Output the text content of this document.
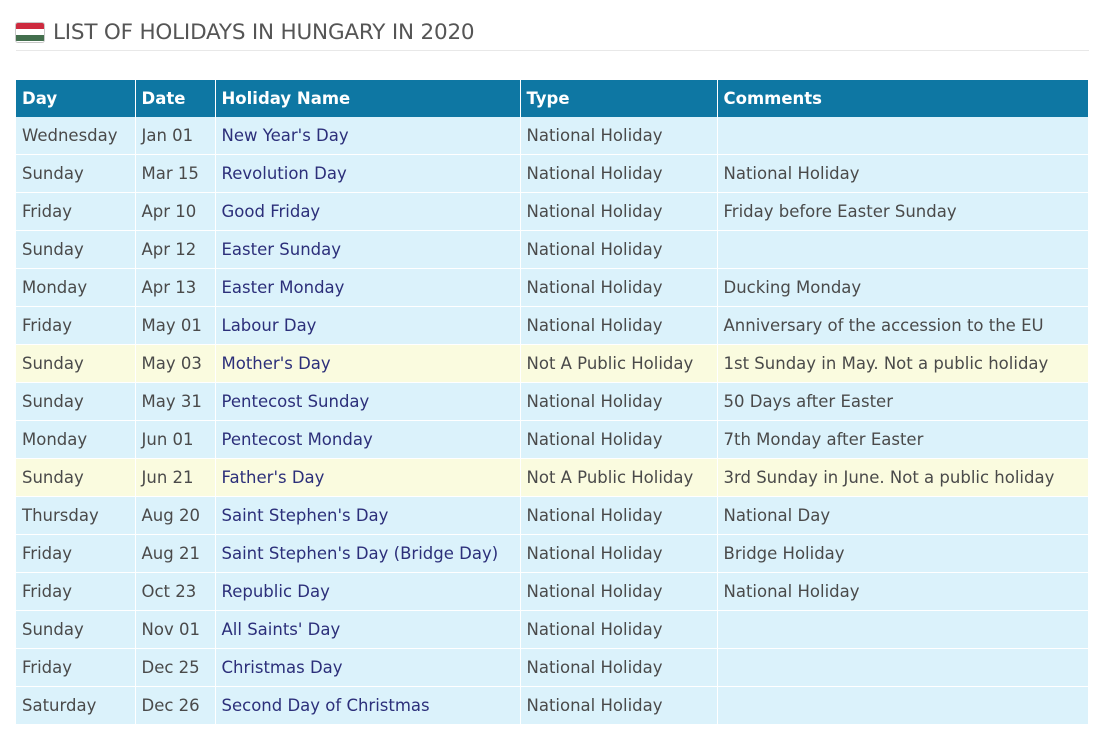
LIST OF HOLIDAYS IN HUNGARY IN 2020
Day	Date	Holiday Name	Type	Comments
Wednesday	Jan 01	New Year's Day	National Holiday	
Sunday	Mar 15	Revolution Day	National Holiday	National Holiday
Friday	Apr 10	Good Friday	National Holiday	Friday before Easter Sunday
Sunday	Apr 12	Easter Sunday	National Holiday	
Monday	Apr 13	Easter Monday	National Holiday	Ducking Monday
Friday	May 01	Labour Day	National Holiday	Anniversary of the accession to the EU
Sunday	May 03	Mother's Day	Not A Public Holiday	1st Sunday in May. Not a public holiday
Sunday	May 31	Pentecost Sunday	National Holiday	50 Days after Easter
Monday	Jun 01	Pentecost Monday	National Holiday	7th Monday after Easter
Sunday	Jun 21	Father's Day	Not A Public Holiday	3rd Sunday in June. Not a public holiday
Thursday	Aug 20	Saint Stephen's Day	National Holiday	National Day
Friday	Aug 21	Saint Stephen's Day (Bridge Day)	National Holiday	Bridge Holiday
Friday	Oct 23	Republic Day	National Holiday	National Holiday
Sunday	Nov 01	All Saints' Day	National Holiday	
Friday	Dec 25	Christmas Day	National Holiday	
Saturday	Dec 26	Second Day of Christmas	National Holiday	
